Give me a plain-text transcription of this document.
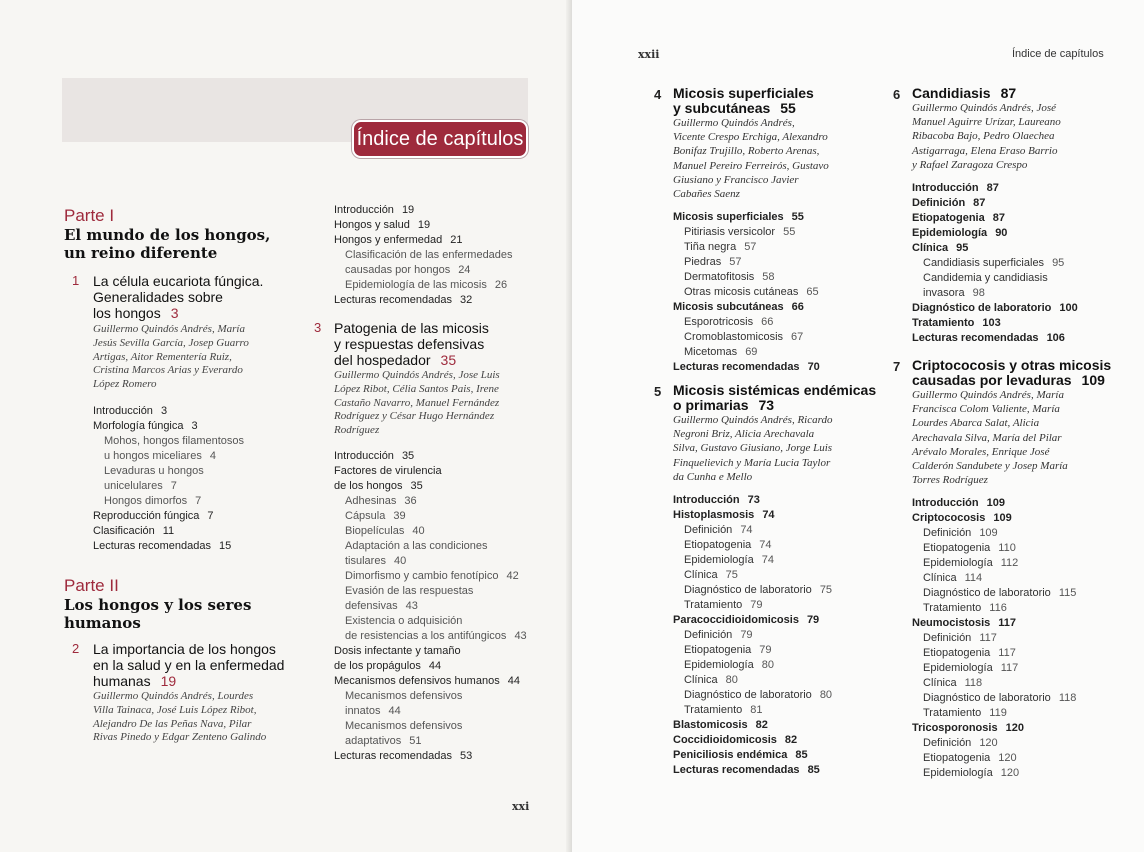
Índice de capítulos
Parte I
El mundo de los hongos,
un reino diferente
1 La célula eucariota fúngica.
Generalidades sobre
los hongos 3
Guillermo Quindós Andrés, María
Jesús Sevilla García, Josep Guarro
Artigas, Aitor Rementería Ruiz,
Cristina Marcos Arias y Everardo
López Romero
Introducción 3
Morfología fúngica 3
Mohos, hongos filamentosos
u hongos miceliares 4
Levaduras u hongos
unicelulares 7
Hongos dimorfos 7
Reproducción fúngica 7
Clasificación 11
Lecturas recomendadas 15
Parte II
Los hongos y los seres
humanos
2 La importancia de los hongos
en la salud y en la enfermedad
humanas 19
Guillermo Quindós Andrés, Lourdes
Villa Tainaca, José Luis López Ribot,
Alejandro De las Peñas Nava, Pilar
Rivas Pinedo y Edgar Zenteno Galindo
Introducción 19
Hongos y salud 19
Hongos y enfermedad 21
Clasificación de las enfermedades
causadas por hongos 24
Epidemiología de las micosis 26
Lecturas recomendadas 32
3 Patogenia de las micosis
y respuestas defensivas
del hospedador 35
Guillermo Quindós Andrés, Jose Luis
López Ribot, Célia Santos Pais, Irene
Castaño Navarro, Manuel Fernández
Rodríguez y César Hugo Hernández
Rodríguez
Introducción 35
Factores de virulencia
de los hongos 35
Adhesinas 36
Cápsula 39
Biopelículas 40
Adaptación a las condiciones
tisulares 40
Dimorfismo y cambio fenotípico 42
Evasión de las respuestas
defensivas 43
Existencia o adquisición
de resistencias a los antifúngicos 43
Dosis infectante y tamaño
de los propágulos 44
Mecanismos defensivos humanos 44
Mecanismos defensivos
innatos 44
Mecanismos defensivos
adaptativos 51
Lecturas recomendadas 53
xxi
xxii	Índice de capítulos
4 Micosis superficiales
y subcutáneas 55
Guillermo Quindós Andrés,
Vicente Crespo Erchiga, Alexandro
Bonifaz Trujillo, Roberto Arenas,
Manuel Pereiro Ferreirós, Gustavo
Giusiano y Francisco Javier
Cabañes Saenz
Micosis superficiales 55
Pitiriasis versicolor 55
Tiña negra 57
Piedras 57
Dermatofitosis 58
Otras micosis cutáneas 65
Micosis subcutáneas 66
Esporotricosis 66
Cromoblastomicosis 67
Micetomas 69
Lecturas recomendadas 70
5 Micosis sistémicas endémicas
o primarias 73
Guillermo Quindós Andrés, Ricardo
Negroni Briz, Alicia Arechavala
Silva, Gustavo Giusiano, Jorge Luis
Finquelievich y María Lucia Taylor
da Cunha e Mello
Introducción 73
Histoplasmosis 74
Definición 74
Etiopatogenia 74
Epidemiología 74
Clínica 75
Diagnóstico de laboratorio 75
Tratamiento 79
Paracoccidioidomicosis 79
Definición 79
Etiopatogenia 79
Epidemiología 80
Clínica 80
Diagnóstico de laboratorio 80
Tratamiento 81
Blastomicosis 82
Coccidioidomicosis 82
Peniciliosis endémica 85
Lecturas recomendadas 85
6 Candidiasis 87
Guillermo Quindós Andrés, José
Manuel Aguirre Urízar, Laureano
Ribacoba Bajo, Pedro Olaechea
Astigarraga, Elena Eraso Barrio
y Rafael Zaragoza Crespo
Introducción 87
Definición 87
Etiopatogenia 87
Epidemiología 90
Clínica 95
Candidiasis superficiales 95
Candidemia y candidiasis
invasora 98
Diagnóstico de laboratorio 100
Tratamiento 103
Lecturas recomendadas 106
7 Criptococosis y otras micosis
causadas por levaduras 109
Guillermo Quindós Andrés, María
Francisca Colom Valiente, María
Lourdes Abarca Salat, Alicia
Arechavala Silva, María del Pilar
Arévalo Morales, Enrique José
Calderón Sandubete y Josep María
Torres Rodríguez
Introducción 109
Criptococosis 109
Definición 109
Etiopatogenia 110
Epidemiología 112
Clínica 114
Diagnóstico de laboratorio 115
Tratamiento 116
Neumocistosis 117
Definición 117
Etiopatogenia 117
Epidemiología 117
Clínica 118
Diagnóstico de laboratorio 118
Tratamiento 119
Tricosporonosis 120
Definición 120
Etiopatogenia 120
Epidemiología 120
